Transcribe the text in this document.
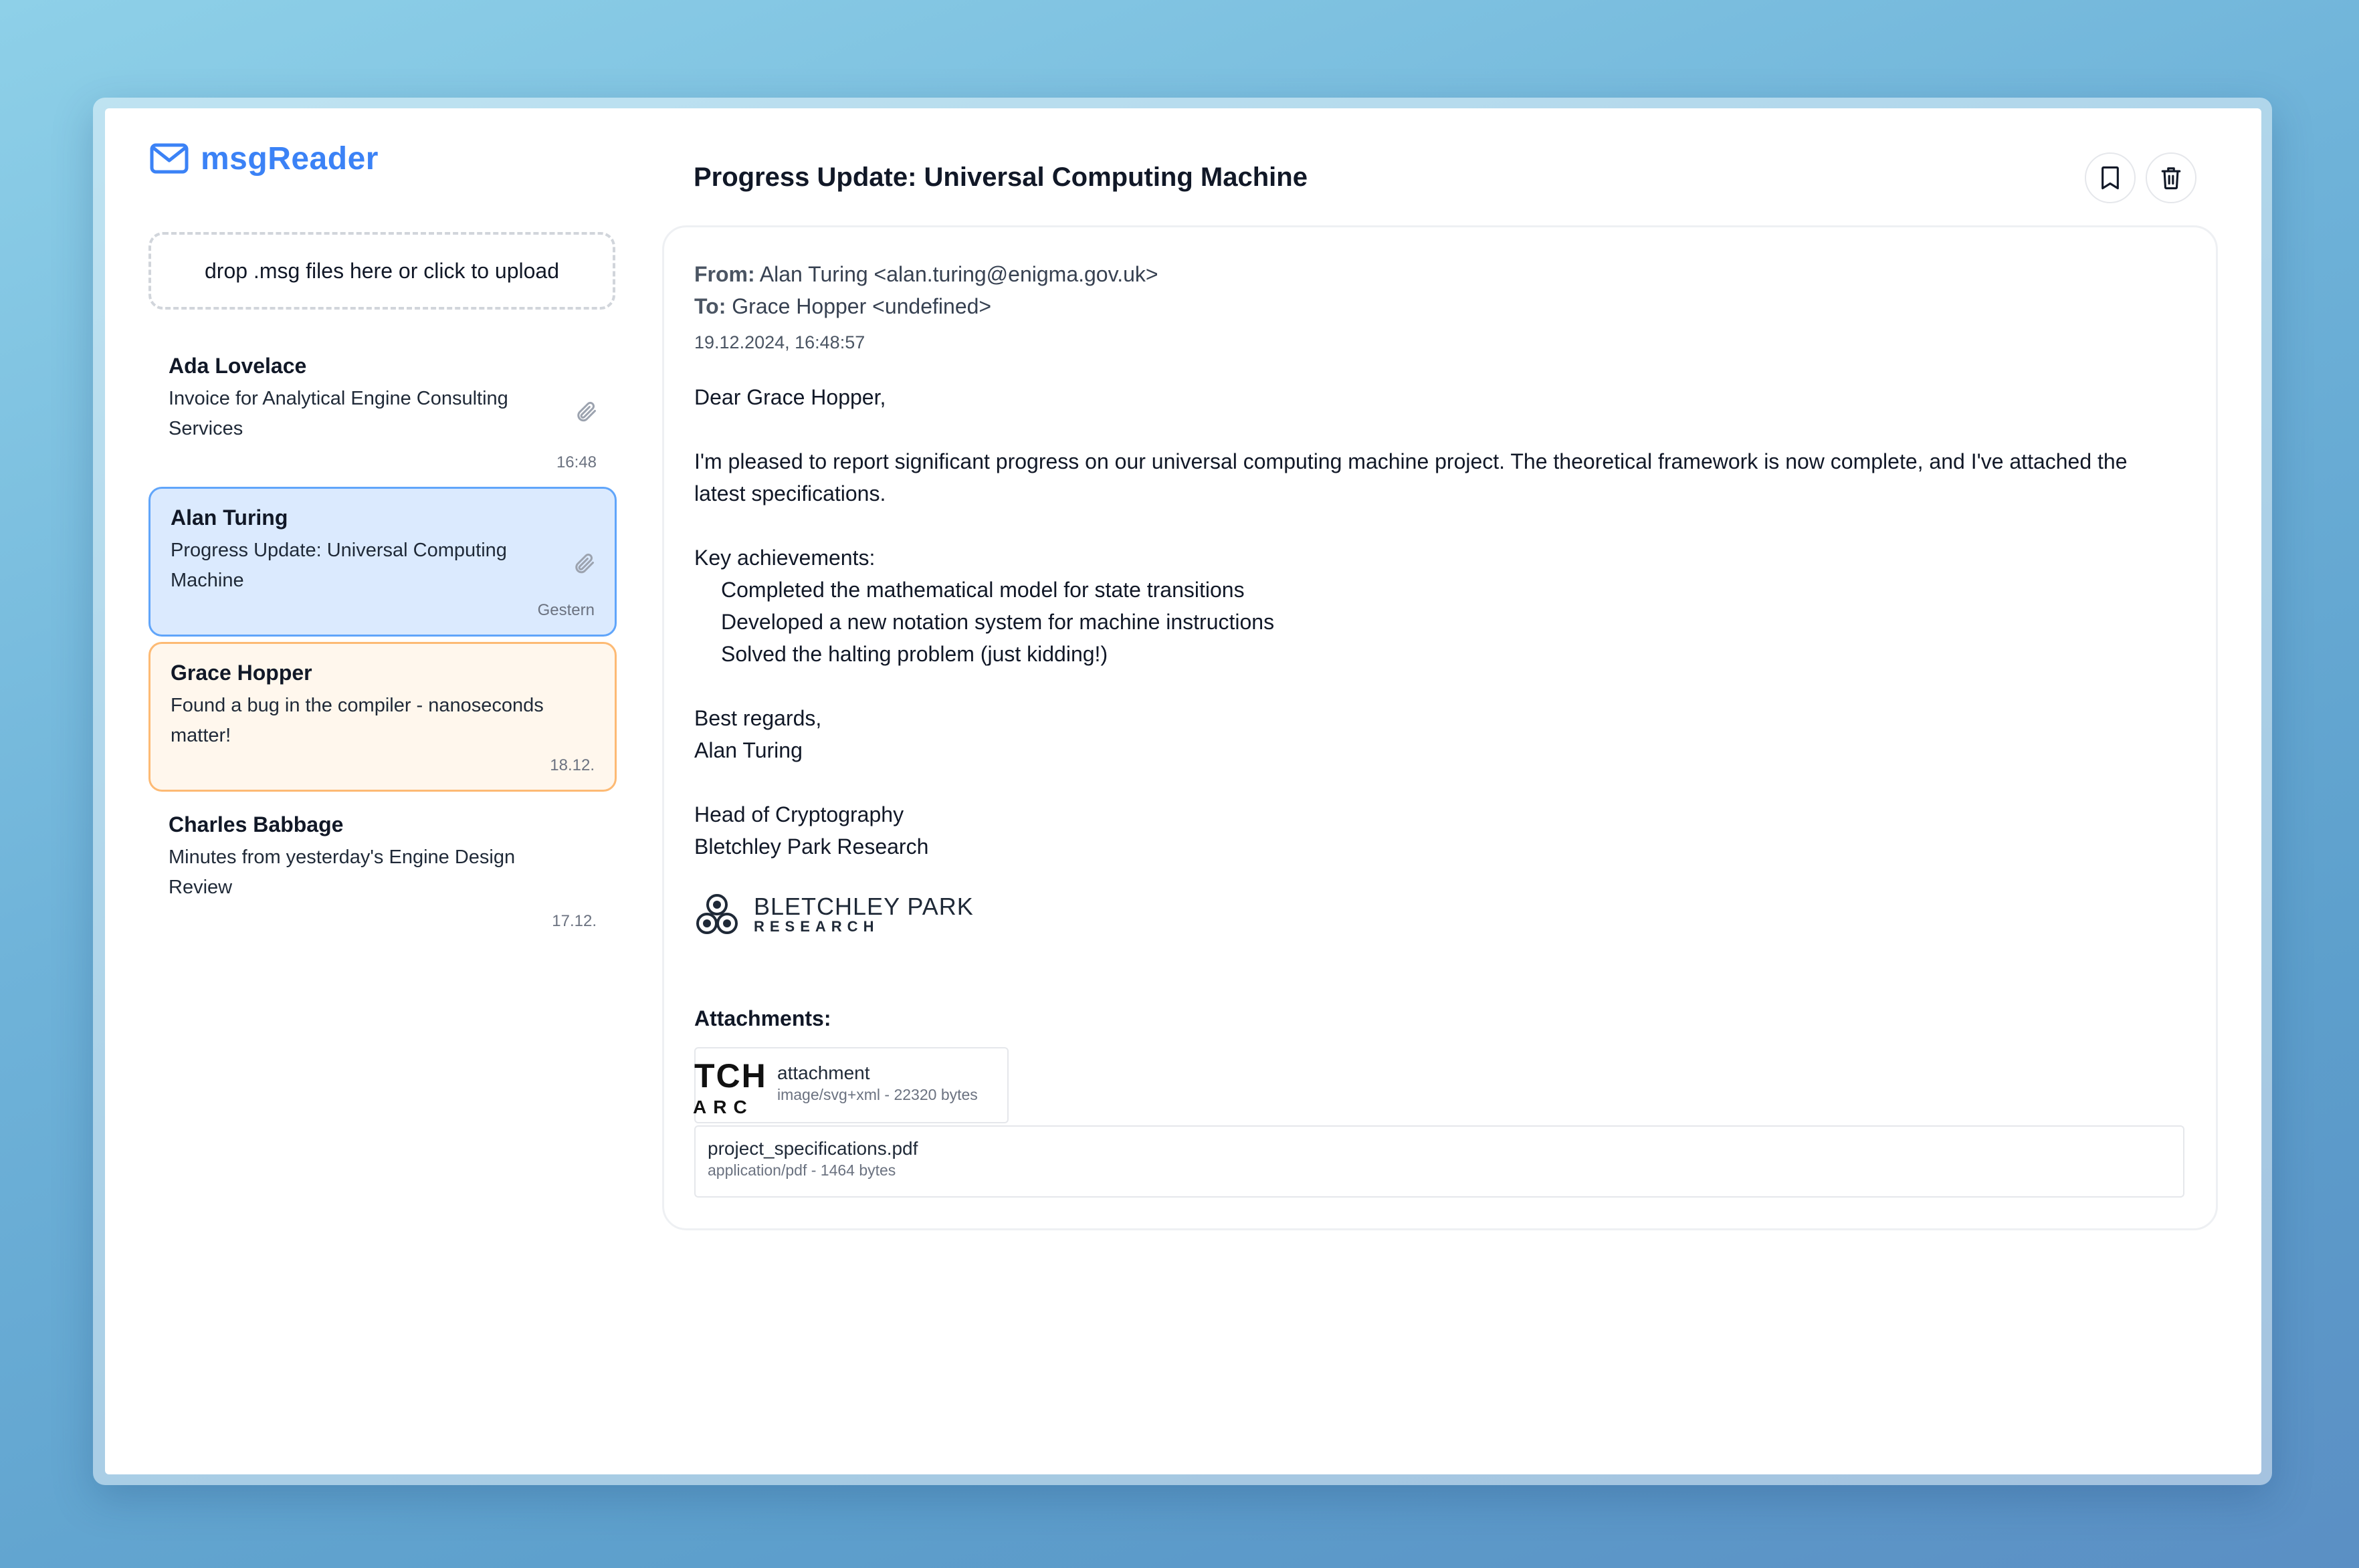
msgReader
drop .msg files here or click to upload
Ada Lovelace
Invoice for Analytical Engine Consulting Services
16:48
Alan Turing
Progress Update: Universal Computing Machine
Gestern
Grace Hopper
Found a bug in the compiler - nanoseconds matter!
18.12.
Charles Babbage
Minutes from yesterday's Engine Design Review
17.12.
Progress Update: Universal Computing Machine
From: Alan Turing <alan.turing@enigma.gov.uk>
To: Grace Hopper <undefined>
19.12.2024, 16:48:57
Dear Grace Hopper,
I'm pleased to report significant progress on our universal computing machine project. The theoretical framework is now complete, and I've attached the
latest specifications.
Key achievements:
Completed the mathematical model for state transitions
Developed a new notation system for machine instructions
Solved the halting problem (just kidding!)
Best regards,
Alan Turing
Head of Cryptography
Bletchley Park Research
BLETCHLEY PARK
RESEARCH
Attachments:
TCH
ARC
attachment
image/svg+xml - 22320 bytes
project_specifications.pdf
application/pdf - 1464 bytes
